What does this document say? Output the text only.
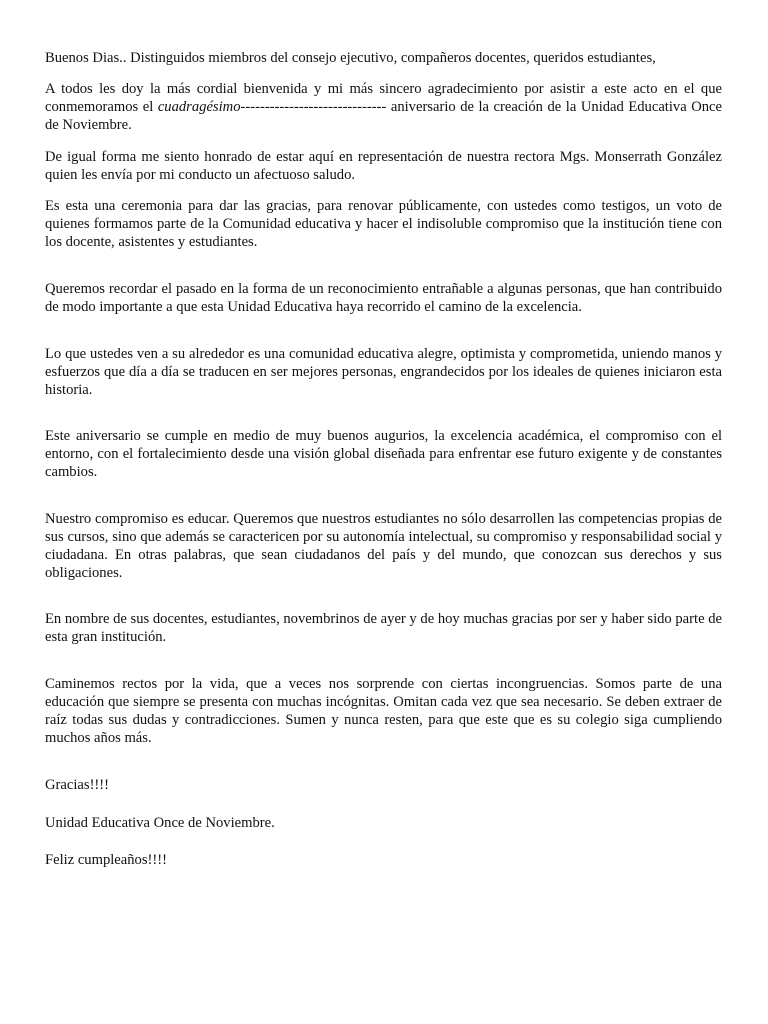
Buenos Dias.. Distinguidos miembros del consejo ejecutivo, compañeros docentes, queridos estudiantes,

A todos les doy la más cordial bienvenida y mi más sincero agradecimiento por asistir a este acto en el que conmemoramos el cuadragésimo------------------------------ aniversario de la creación de la Unidad Educativa Once de Noviembre.

De igual forma me siento honrado de estar aquí en representación de nuestra rectora Mgs. Monserrath González quien les envía por mi conducto un afectuoso saludo.

Es esta una ceremonia para dar las gracias, para renovar públicamente, con ustedes como testigos, un voto de quienes formamos parte de la Comunidad educativa y hacer el indisoluble compromiso que la institución tiene con los docente, asistentes y estudiantes.

Queremos recordar el pasado en la forma de un reconocimiento entrañable a algunas personas, que han contribuido de modo importante a que esta Unidad Educativa haya recorrido el camino de la excelencia.

Lo que ustedes ven a su alrededor es una comunidad educativa alegre, optimista y comprometida, uniendo manos y esfuerzos que día a día se traducen en ser mejores personas, engrandecidos por los ideales de quienes iniciaron esta historia.

Este aniversario se cumple en medio de muy buenos augurios, la excelencia académica, el compromiso con el entorno, con el fortalecimiento desde una visión global diseñada para enfrentar ese futuro exigente y de constantes cambios.

Nuestro compromiso es educar. Queremos que nuestros estudiantes no sólo desarrollen las competencias propias de sus cursos, sino que además se caractericen por su autonomía intelectual, su compromiso y responsabilidad social y ciudadana. En otras palabras, que sean ciudadanos del país y del mundo, que conozcan sus derechos y sus obligaciones.

En nombre de sus docentes, estudiantes, novembrinos de ayer y de hoy muchas gracias por ser y haber sido parte de esta gran institución.

Caminemos rectos por la vida, que a veces nos sorprende con ciertas incongruencias. Somos parte de una educación que siempre se presenta con muchas incógnitas. Omitan cada vez que sea necesario. Se deben extraer de raíz todas sus dudas y contradicciones. Sumen y nunca resten, para que este que es su colegio siga cumpliendo muchos años más.

Gracias!!!!

Unidad Educativa Once de Noviembre.

Feliz cumpleaños!!!!
